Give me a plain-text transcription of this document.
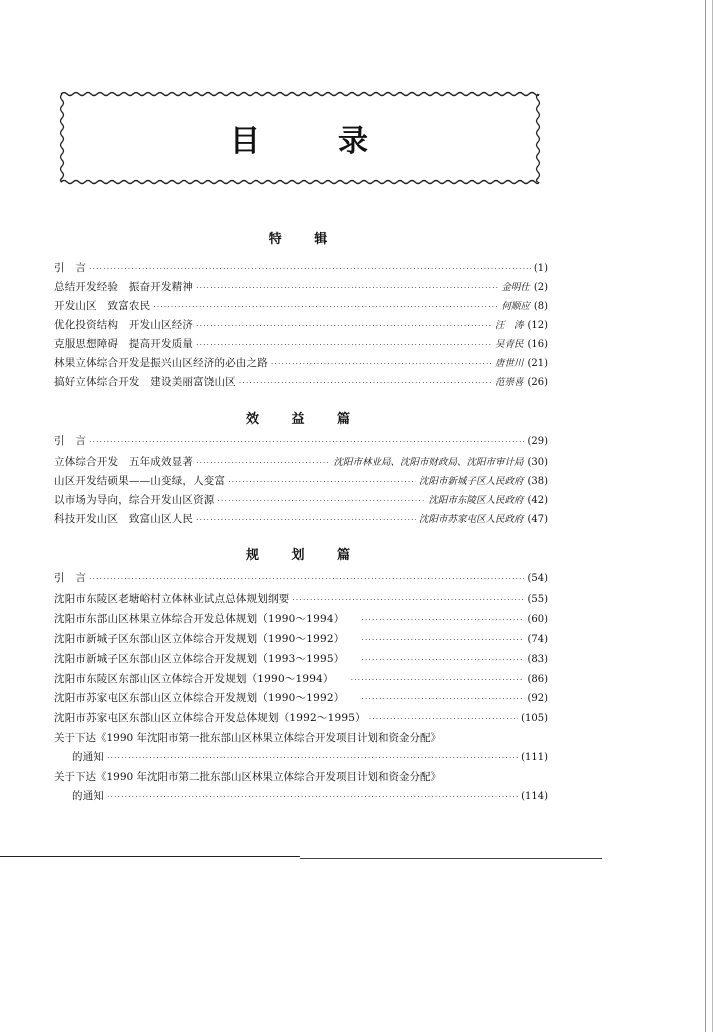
目	录
特 辑
引　言 ·····	(1)
总结开发经验　振奋开发精神 ·····	金明仕 (2)
开发山区　致富农民 ·····	何顺应 (8)
优化投资结构　开发山区经济 ·····	汪　涛 (12)
克服思想障碍　提高开发质量 ·····	吴青民 (16)
林果立体综合开发是振兴山区经济的必由之路 ·····	唐世川 (21)
搞好立体综合开发　建设美丽富饶山区 ·····	范崇喜 (26)
效 益 篇
引　言 ·····	(29)
立体综合开发　五年成效显著 ·····	沈阳市林业局、沈阳市财政局、沈阳市审计局 (30)
山区开发结硕果——山变绿，人变富 ·····	沈阳市新城子区人民政府 (38)
以市场为导向，综合开发山区资源 ·····	沈阳市东陵区人民政府 (42)
科技开发山区　致富山区人民 ·····	沈阳市苏家屯区人民政府 (47)
规 划 篇
引　言 ·····	(54)
沈阳市东陵区老塘峪村立体林业试点总体规划纲要 ·····	(55)
沈阳市东部山区林果立体综合开发总体规划（1990～1994） ·····	(60)
沈阳市新城子区东部山区立体综合开发规划（1990～1992） ·····	(74)
沈阳市新城子区东部山区立体综合开发规划（1993～1995） ·····	(83)
沈阳市东陵区东部山区立体综合开发规划（1990～1994） ·····	(86)
沈阳市苏家屯区东部山区立体综合开发规划（1990～1992） ·····	(92)
沈阳市苏家屯区东部山区立体综合开发总体规划（1992～1995） ·····	(105)
关于下达《1990 年沈阳市第一批东部山区林果立体综合开发项目计划和资金分配》
的通知 ·····	(111)
关于下达《1990 年沈阳市第二批东部山区林果立体综合开发项目计划和资金分配》
的通知 ·····	(114)
